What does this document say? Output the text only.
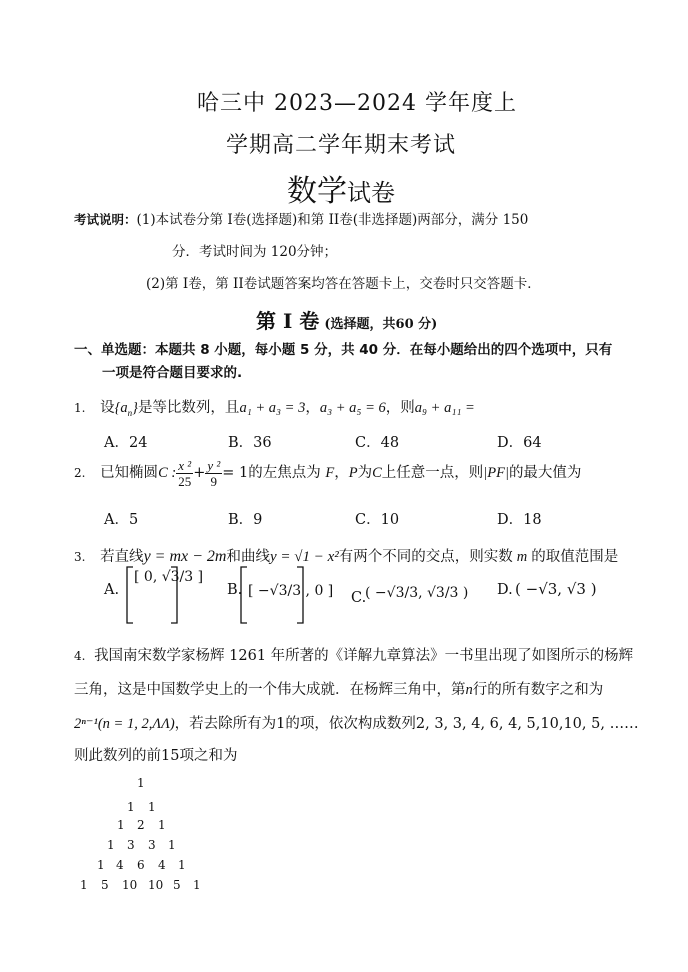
哈三中 2023—2024 学年度上
学期高二学年期末考试
数学试卷
考试说明：(1)本试卷分第 I卷(选择题)和第 II卷(非选择题)两部分，满分 150
分．考试时间为 120分钟；
(2)第 I卷，第 II卷试题答案均答在答题卡上，交卷时只交答题卡．
第 I 卷 (选择题，共60 分)
一、单选题：本题共 8 小题，每小题 5 分，共 40 分．在每小题给出的四个选项中，只有
一项是符合题目要求的.
1. 设$\{a_n\}$是等比数列，且a₁ + a₃ = 3，a₃ + a₅ = 6，则a₉ + a₁₁ =
A．24	B．36	C．48	D．64
2. 已知椭圆C : $\frac{\text{x ²}}{25} + \frac{\text{y ²}}{9} = 1$的左焦点为 F，P为C上任意一点，则|PF|的最大值为
A．5	B．9	C．10	D．18
3. 若直线y = mx − 2m和曲线y = √1 − x²有两个不同的交点，则实数 m 的取值范围是
A.
[ 0, √3/3 ]
B. [ −√3/3 , 0 ] C.
( −√3/3, √3/3 ) D. ( −√3, √3 )
4. 我国南宋数学家杨辉 1261 年所著的《详解九章算法》一书里出现了如图所示的杨辉
三角，这是中国数学史上的一个伟大成就．在杨辉三角中，第n行的所有数字之和为
2ⁿ⁻¹(n = 1, 2,ΛΛ)，若去除所有为1的项，依次构成数列2, 3, 3, 4, 6, 4, 5,10,10, 5, ……
则此数列的前15项之和为
1
1 1
1 2 1
1 3 3 1
1 4 6 4 1
1 5 10 10 5 1
